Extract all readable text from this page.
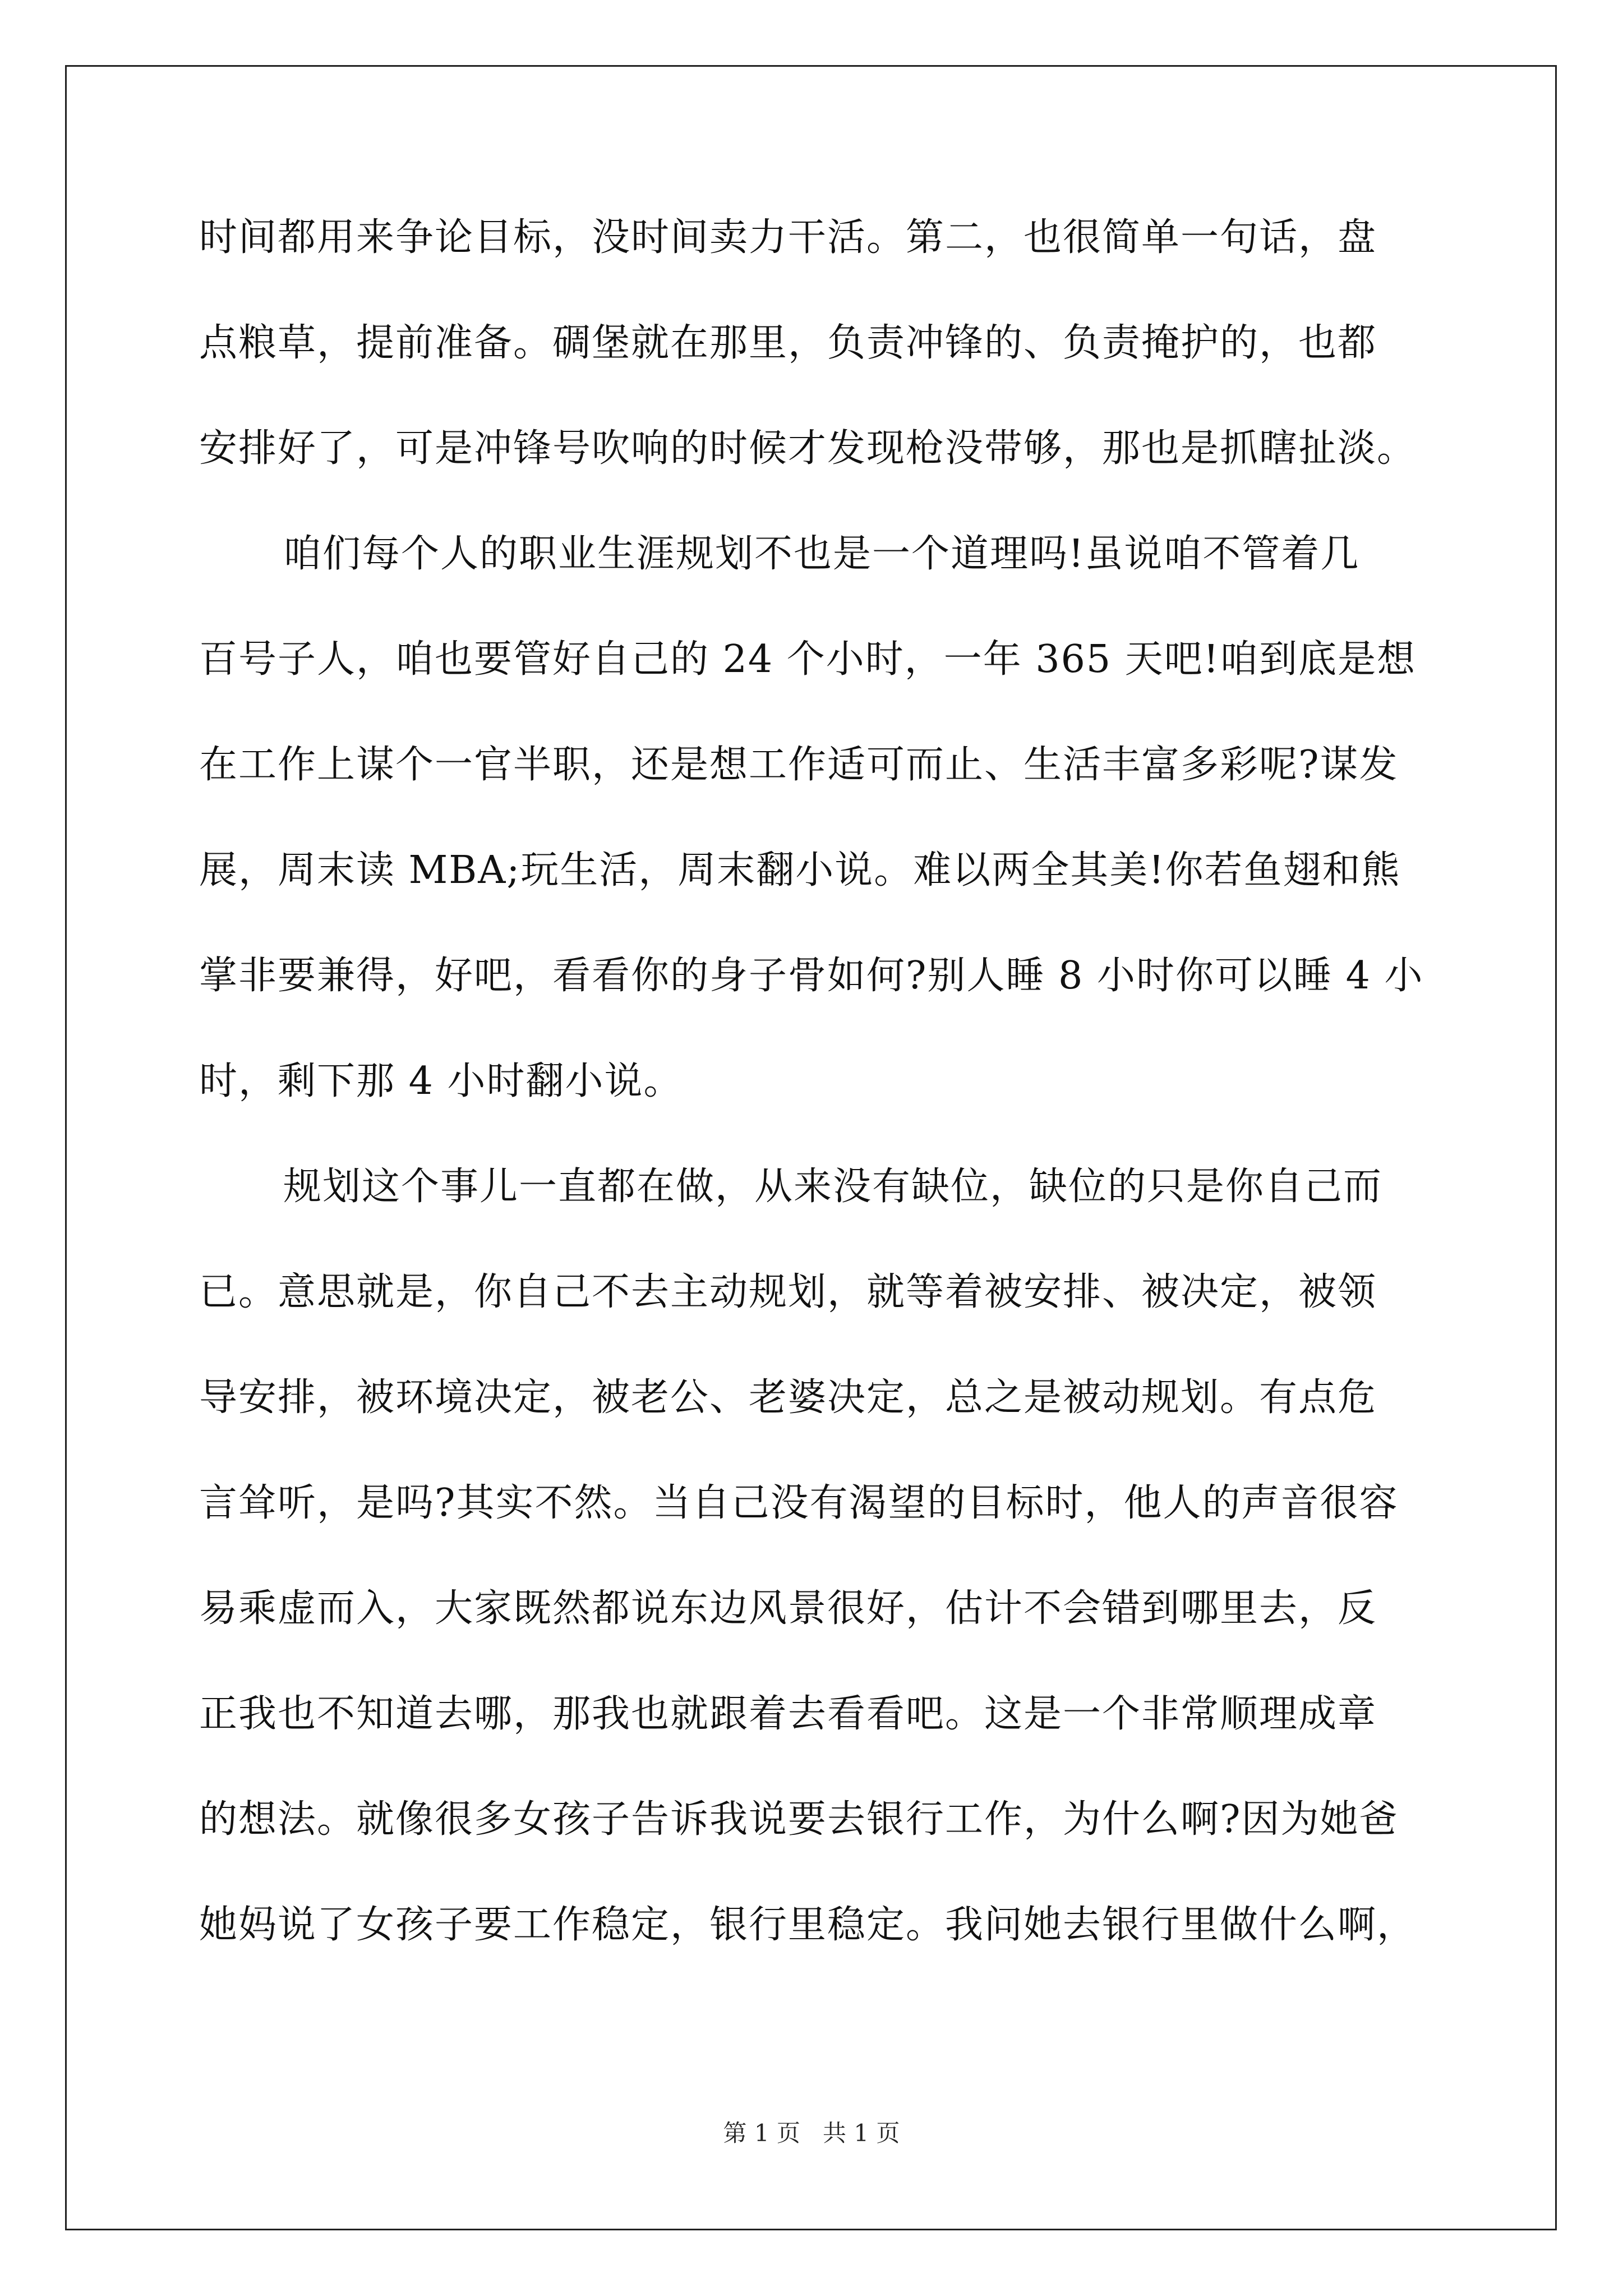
时间都用来争论目标，没时间卖力干活。第二，也很简单一句话，盘
点粮草，提前准备。碉堡就在那里，负责冲锋的、负责掩护的，也都
安排好了，可是冲锋号吹响的时候才发现枪没带够，那也是抓瞎扯淡。
咱们每个人的职业生涯规划不也是一个道理吗!虽说咱不管着几
百号子人，咱也要管好自己的 24 个小时，一年 365 天吧!咱到底是想
在工作上谋个一官半职，还是想工作适可而止、生活丰富多彩呢?谋发
展，周末读 MBA;玩生活，周末翻小说。难以两全其美!你若鱼翅和熊
掌非要兼得，好吧，看看你的身子骨如何?别人睡 8 小时你可以睡 4 小
时，剩下那 4 小时翻小说。
规划这个事儿一直都在做，从来没有缺位，缺位的只是你自己而
已。意思就是，你自己不去主动规划，就等着被安排、被决定，被领
导安排，被环境决定，被老公、老婆决定，总之是被动规划。有点危
言耸听，是吗?其实不然。当自己没有渴望的目标时，他人的声音很容
易乘虚而入，大家既然都说东边风景很好，估计不会错到哪里去，反
正我也不知道去哪，那我也就跟着去看看吧。这是一个非常顺理成章
的想法。就像很多女孩子告诉我说要去银行工作，为什么啊?因为她爸
她妈说了女孩子要工作稳定，银行里稳定。我问她去银行里做什么啊，
第 1 页   共 1 页
